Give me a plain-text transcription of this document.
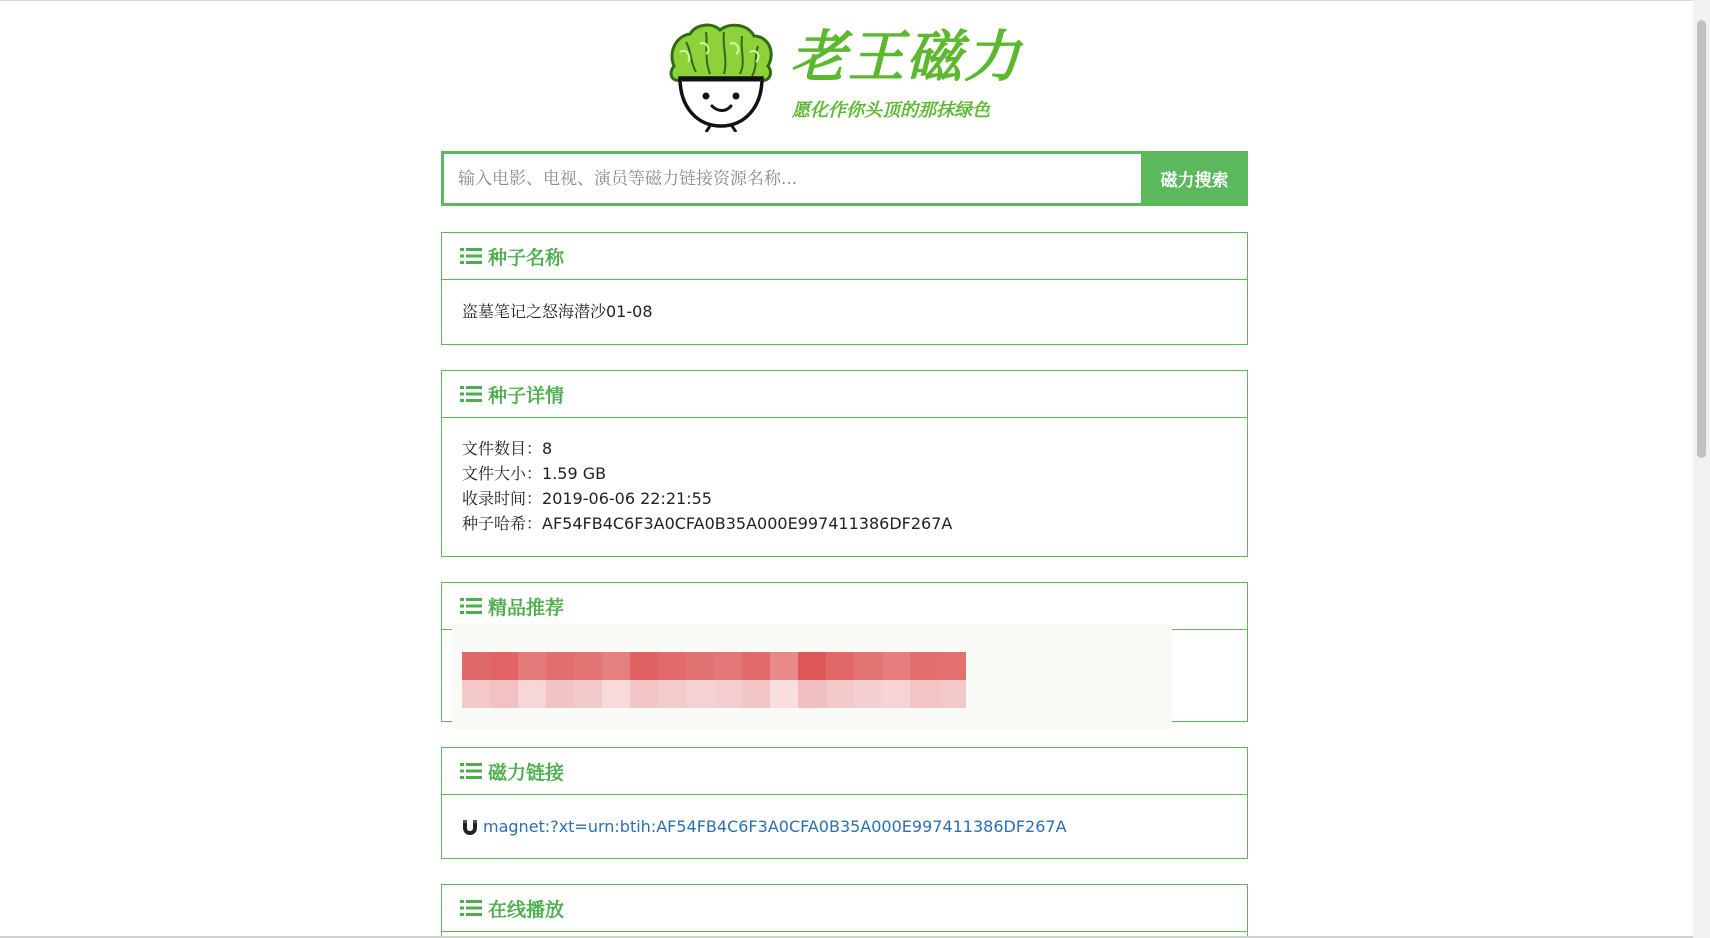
老王磁力
愿化作你头顶的那抹绿色
输入电影、电视、演员等磁力链接资源名称...
磁力搜索
种子名称
盗墓笔记之怒海潜沙01-08
种子详情
文件数目：8
文件大小：1.59 GB
收录时间：2019-06-06 22:21:55
种子哈希：AF54FB4C6F3A0CFA0B35A000E997411386DF267A
精品推荐
磁力链接
magnet:?xt=urn:btih:AF54FB4C6F3A0CFA0B35A000E997411386DF267A
在线播放
